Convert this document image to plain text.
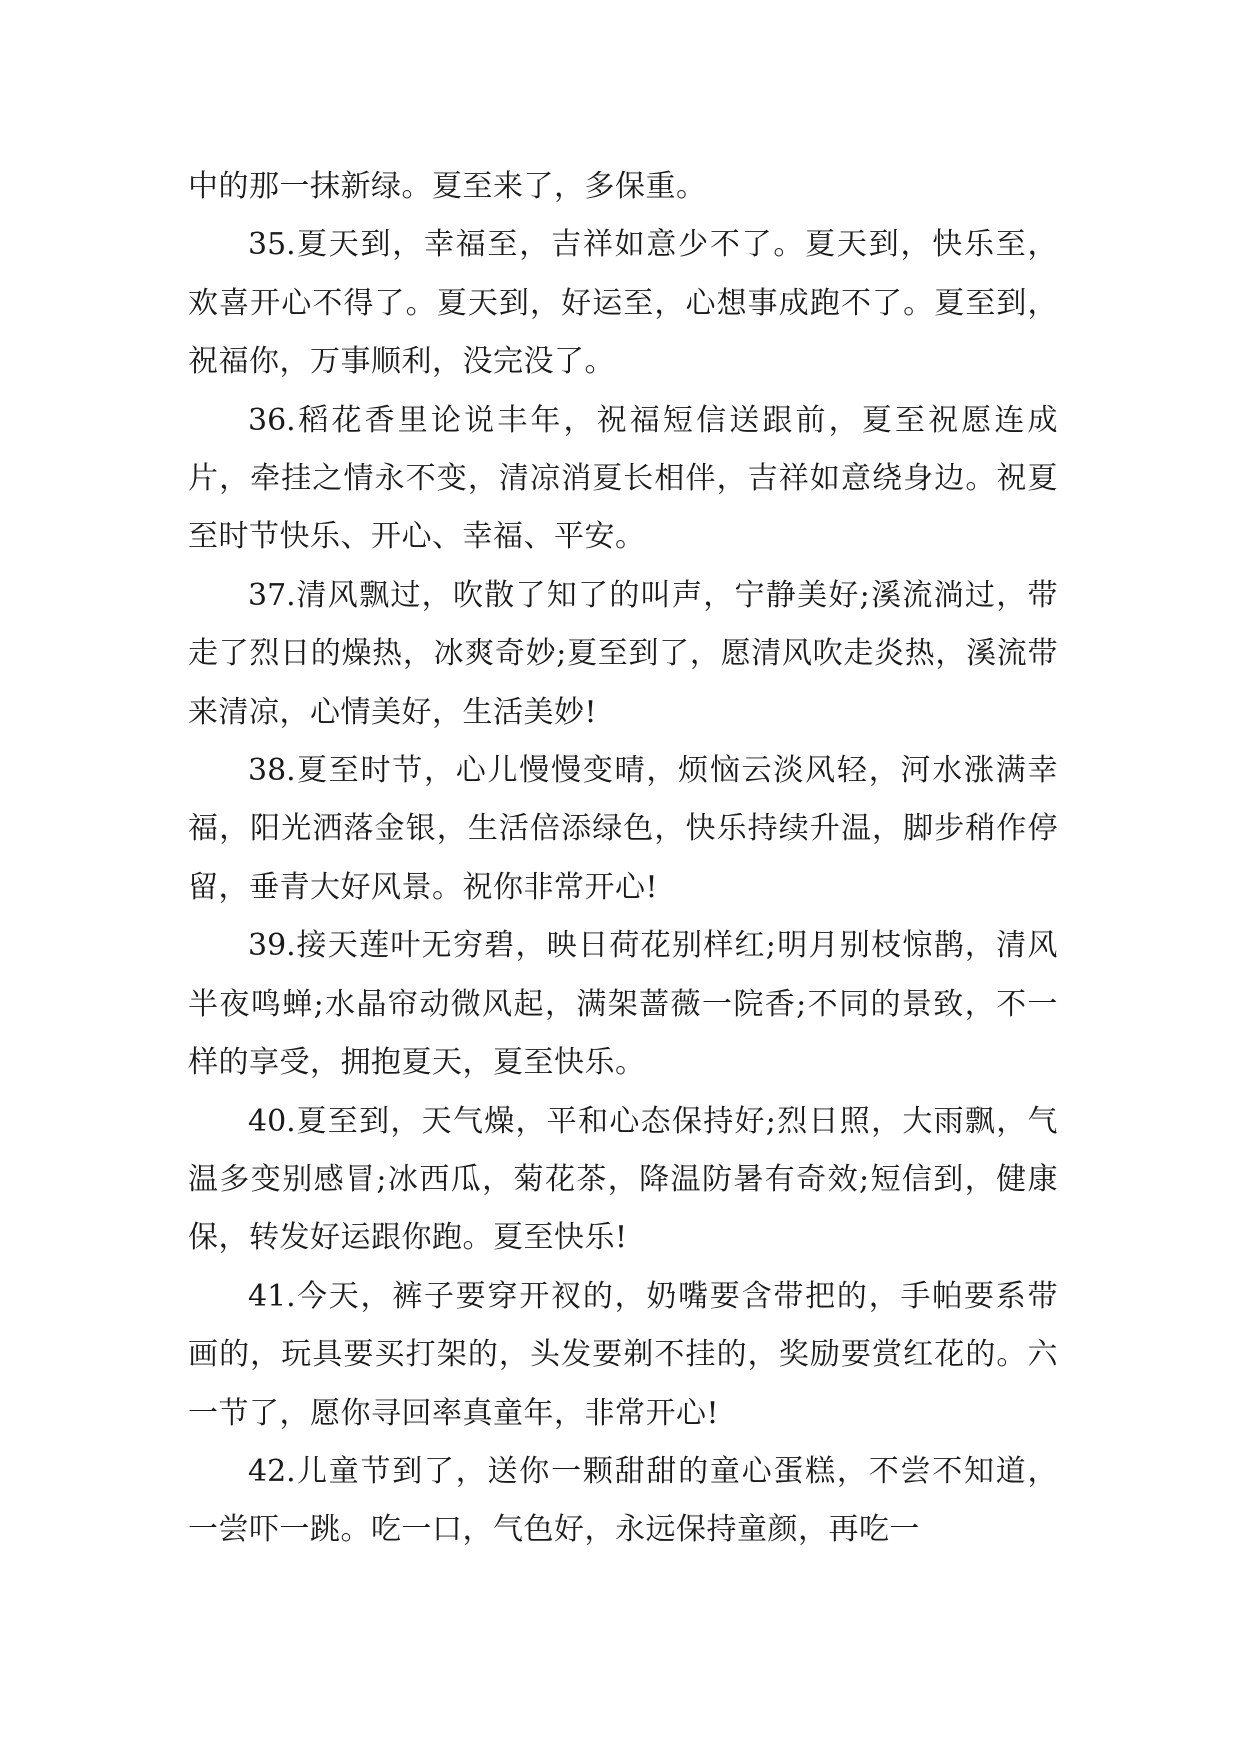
中的那一抹新绿。夏至来了，多保重。

35.夏天到，幸福至，吉祥如意少不了。夏天到，快乐至，欢喜开心不得了。夏天到，好运至，心想事成跑不了。夏至到，祝福你，万事顺利，没完没了。

36.稻花香里论说丰年，祝福短信送跟前，夏至祝愿连成片，牵挂之情永不变，清凉消夏长相伴，吉祥如意绕身边。祝夏至时节快乐、开心、幸福、平安。

37.清风飘过，吹散了知了的叫声，宁静美好;溪流淌过，带走了烈日的燥热，冰爽奇妙;夏至到了，愿清风吹走炎热，溪流带来清凉，心情美好，生活美妙!

38.夏至时节，心儿慢慢变晴，烦恼云淡风轻，河水涨满幸福，阳光洒落金银，生活倍添绿色，快乐持续升温，脚步稍作停留，垂青大好风景。祝你非常开心!

39.接天莲叶无穷碧，映日荷花别样红;明月别枝惊鹊，清风半夜鸣蝉;水晶帘动微风起，满架蔷薇一院香;不同的景致，不一样的享受，拥抱夏天，夏至快乐。

40.夏至到，天气燥，平和心态保持好;烈日照，大雨飘，气温多变别感冒;冰西瓜，菊花茶，降温防暑有奇效;短信到，健康保，转发好运跟你跑。夏至快乐!

41.今天，裤子要穿开衩的，奶嘴要含带把的，手帕要系带画的，玩具要买打架的，头发要剃不挂的，奖励要赏红花的。六一节了，愿你寻回率真童年，非常开心!

42.儿童节到了，送你一颗甜甜的童心蛋糕，不尝不知道，一尝吓一跳。吃一口，气色好，永远保持童颜，再吃一
